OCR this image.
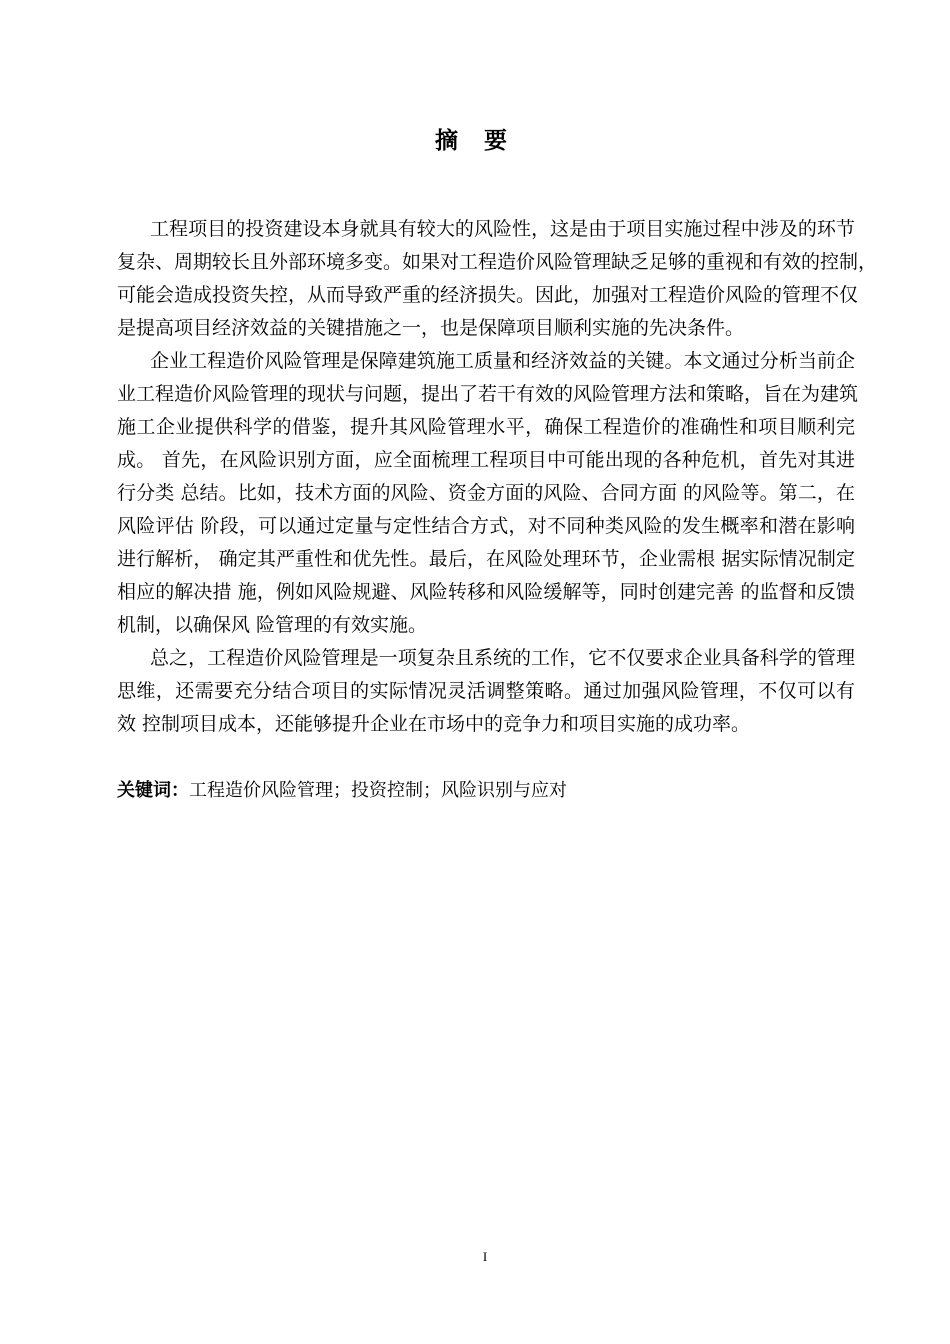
摘要
工程项目的投资建设本身就具有较大的风险性，这是由于项目实施过程中涉及的环节
复杂、周期较长且外部环境多变。如果对工程造价风险管理缺乏足够的重视和有效的控制，
可能会造成投资失控，从而导致严重的经济损失。因此，加强对工程造价风险的管理不仅
是提高项目经济效益的关键措施之一，也是保障项目顺利实施的先决条件。
企业工程造价风险管理是保障建筑施工质量和经济效益的关键。本文通过分析当前企
业工程造价风险管理的现状与问题，提出了若干有效的风险管理方法和策略，旨在为建筑
施工企业提供科学的借鉴，提升其风险管理水平，确保工程造价的准确性和项目顺利完
成。 首先，在风险识别方面，应全面梳理工程项目中可能出现的各种危机，首先对其进
行分类 总结。比如，技术方面的风险、资金方面的风险、合同方面 的风险等。第二，在
风险评估 阶段，可以通过定量与定性结合方式，对不同种类风险的发生概率和潜在影响
进行解析， 确定其严重性和优先性。最后，在风险处理环节，企业需根 据实际情况制定
相应的解决措 施，例如风险规避、风险转移和风险缓解等，同时创建完善 的监督和反馈
机制，以确保风 险管理的有效实施。
总之，工程造价风险管理是一项复杂且系统的工作，它不仅要求企业具备科学的管理
思维，还需要充分结合项目的实际情况灵活调整策略。通过加强风险管理，不仅可以有
效 控制项目成本，还能够提升企业在市场中的竞争力和项目实施的成功率。
关键词：工程造价风险管理；投资控制；风险识别与应对
I
